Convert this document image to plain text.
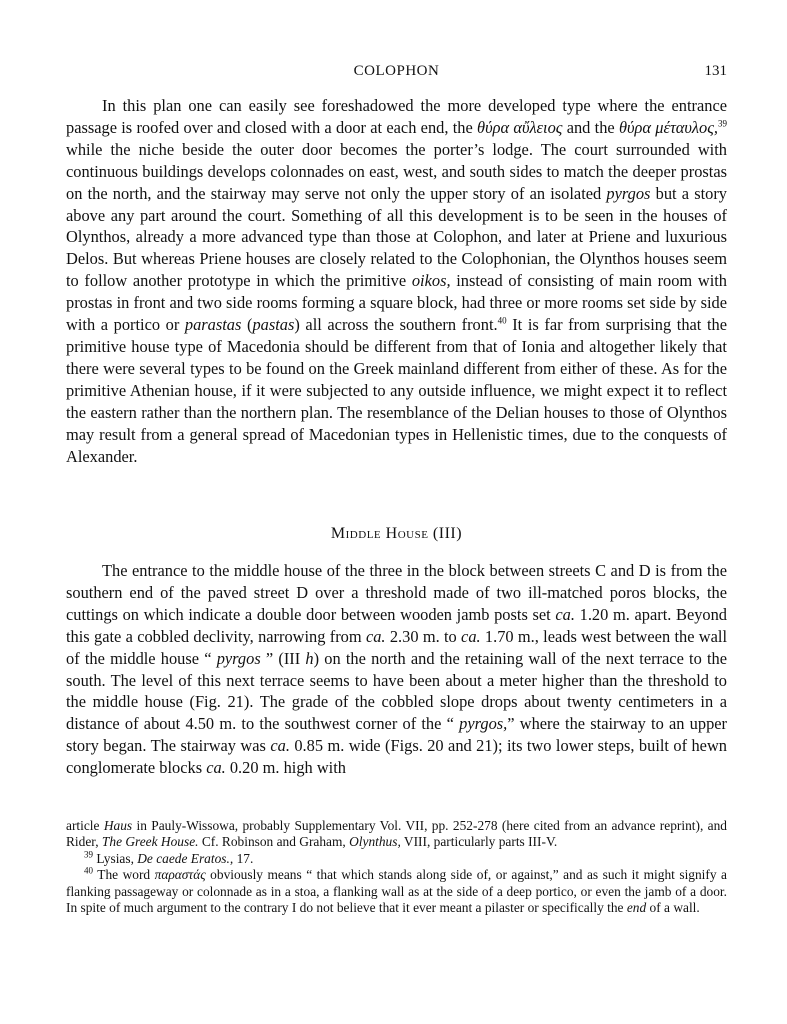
COLOPHON	131

In this plan one can easily see foreshadowed the more developed type where the entrance passage is roofed over and closed with a door at each end, the θύρα αὔλειος and the θύρα μέταυλος,$^{39}$ while the niche beside the outer door becomes the porter’s lodge. The court surrounded with continuous buildings develops colonnades on east, west, and south sides to match the deeper prostas on the north, and the stairway may serve not only the upper story of an isolated pyrgos but a story above any part around the court. Something of all this development is to be seen in the houses of Olynthos, already a more advanced type than those at Colophon, and later at Priene and luxurious Delos. But whereas Priene houses are closely related to the Colophonian, the Olynthos houses seem to follow another prototype in which the primitive oikos, instead of consisting of main room with prostas in front and two side rooms forming a square block, had three or more rooms set side by side with a portico or parastas (pastas) all across the southern front.$^{40}$ It is far from surprising that the primitive house type of Macedonia should be different from that of Ionia and altogether likely that there were several types to be found on the Greek mainland different from either of these. As for the primitive Athenian house, if it were subjected to any outside influence, we might expect it to reflect the eastern rather than the northern plan. The resemblance of the Delian houses to those of Olynthos may result from a general spread of Macedonian types in Hellenistic times, due to the conquests of Alexander.

Middle House (III)

The entrance to the middle house of the three in the block between streets C and D is from the southern end of the paved street D over a threshold made of two ill-matched poros blocks, the cuttings on which indicate a double door between wooden jamb posts set ca. 1.20 m. apart. Beyond this gate a cobbled declivity, narrowing from ca. 2.30 m. to ca. 1.70 m., leads west between the wall of the middle house “ pyrgos ” (III h) on the north and the retaining wall of the next terrace to the south. The level of this next terrace seems to have been about a meter higher than the threshold to the middle house (Fig. 21). The grade of the cobbled slope drops about twenty centimeters in a distance of about 4.50 m. to the southwest corner of the “ pyrgos,” where the stairway to an upper story began. The stairway was ca. 0.85 m. wide (Figs. 20 and 21); its two lower steps, built of hewn conglomerate blocks ca. 0.20 m. high with

article Haus in Pauly-Wissowa, probably Supplementary Vol. VII, pp. 252-278 (here cited from an advance reprint), and Rider, The Greek House. Cf. Robinson and Graham, Olynthus, VIII, particularly parts III-V.

$^{39}$ Lysias, De caede Eratos., 17.

$^{40}$ The word παραστάς obviously means “ that which stands along side of, or against,” and as such it might signify a flanking passageway or colonnade as in a stoa, a flanking wall as at the side of a deep portico, or even the jamb of a door. In spite of much argument to the contrary I do not believe that it ever meant a pilaster or specifically the end of a wall.
